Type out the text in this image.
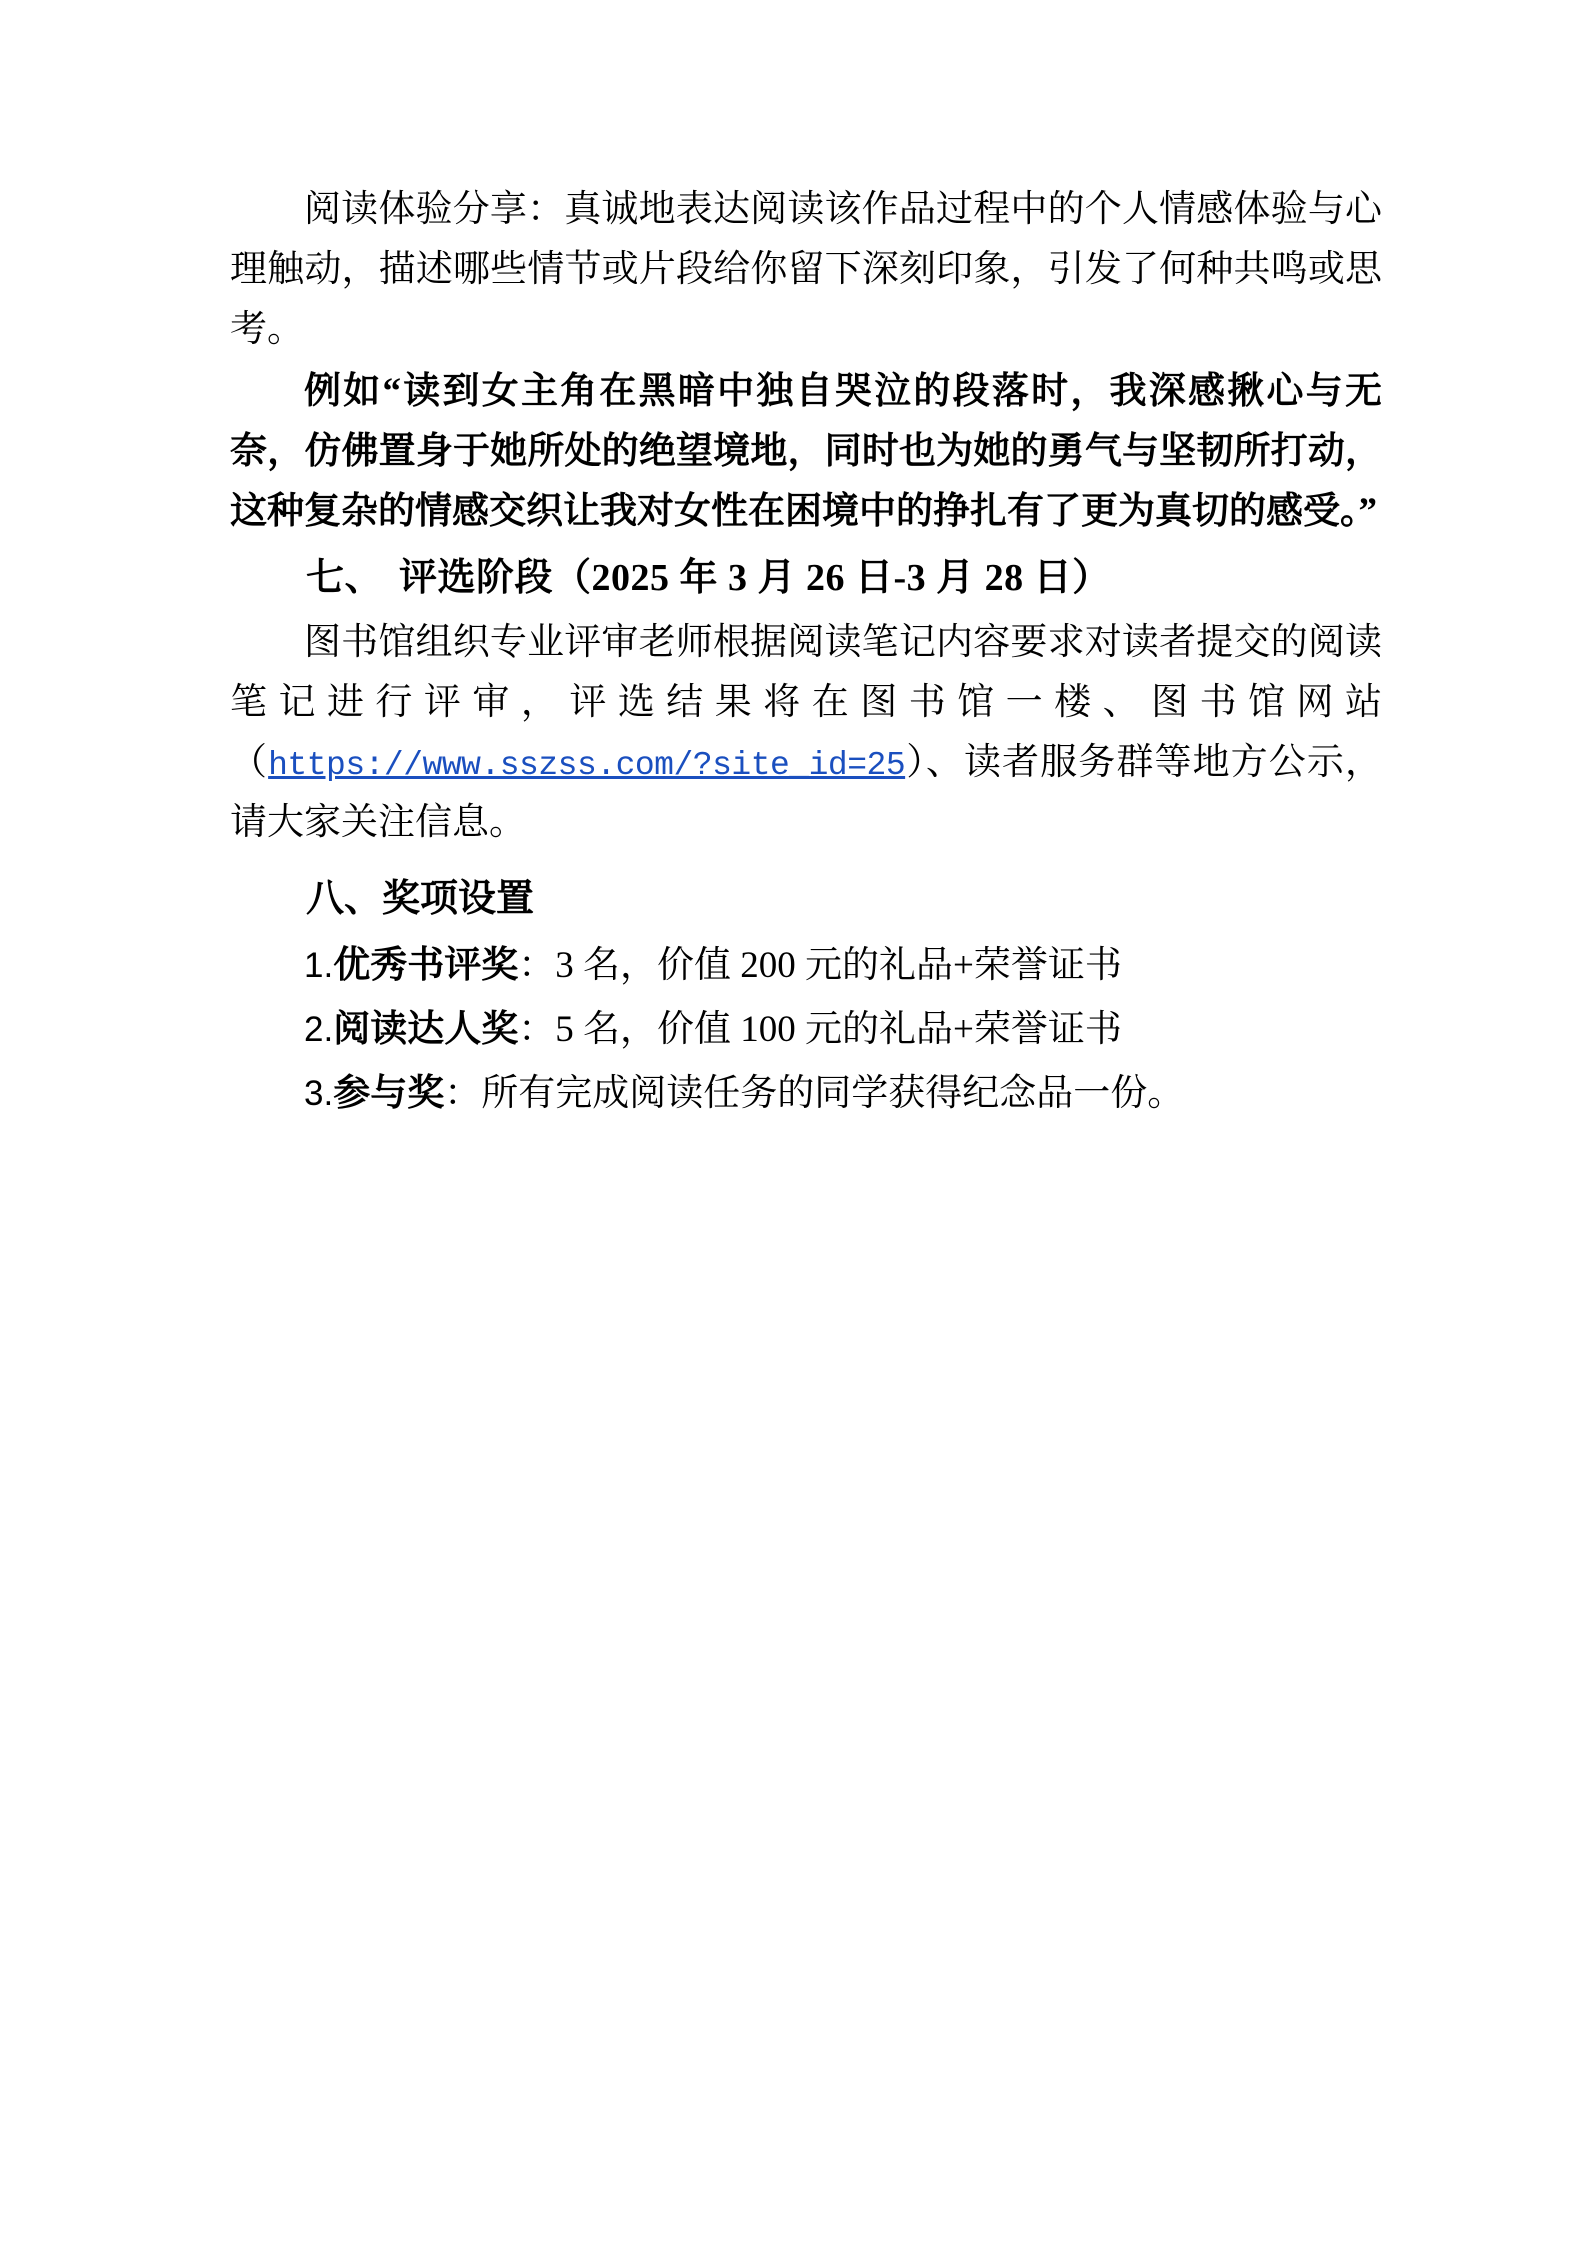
阅读体验分享：真诚地表达阅读该作品过程中的个人情感体验与心理触动，描述哪些情节或片段给你留下深刻印象，引发了何种共鸣或思考。

例如“读到女主角在黑暗中独自哭泣的段落时，我深感揪心与无奈，仿佛置身于她所处的绝望境地，同时也为她的勇气与坚韧所打动，这种复杂的情感交织让我对女性在困境中的挣扎有了更为真切的感受。”

七、 评选阶段（2025 年 3 月 26 日-3 月 28 日）

图书馆组织专业评审老师根据阅读笔记内容要求对读者提交的阅读笔记进行评审，评选结果将在图书馆一楼、图书馆网站（https://www.sszss.com/?site_id=25）、读者服务群等地方公示，请大家关注信息。

八、奖项设置

1.优秀书评奖：3 名，价值 200 元的礼品+荣誉证书

2.阅读达人奖：5 名，价值 100 元的礼品+荣誉证书

3.参与奖：所有完成阅读任务的同学获得纪念品一份。
